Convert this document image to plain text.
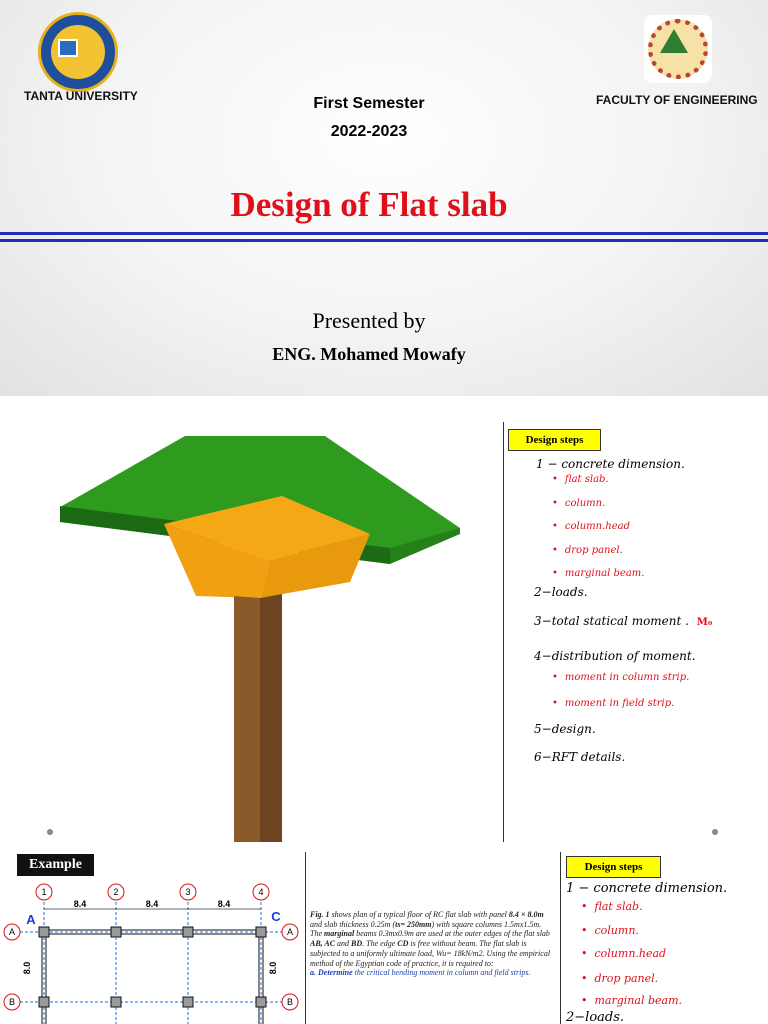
TANTA UNIVERSITY	FACULTY OF ENGINEERING
First Semester
2022-2023
Design of Flat slab
Presented by
ENG. Mohamed Mowafy
Design steps
1 − concrete dimension.
• flat slab.
• column.
• column.head
• drop panel.
• marginal beam.
2−loads.
3−total statical moment . M₀
4−distribution of moment.
• moment in column strip.
• moment in field strip.
5−design.
6−RFT details.
Example
8.4	8.4	8.4
1	2	3	4
A
B
A
B
A	C
8.0	8.0
Fig. 1 shows plan of a typical floor of RC flat slab with panel 8.4 × 8.0m and slab thickness 0.25m (ts= 250mm) with square columns 1.5mx1.5m. The marginal beams 0.3mx0.9m are used at the outer edges of the flat slab AB, AC and BD. The edge CD is free without beam. The flat slab is subjected to a uniformly ultimate load, Wu= 18kN/m2. Using the empirical method of the Egyptian code of practice, it is required to:
a. Determine the critical bending moment in column and field strips.
Design steps
1 − concrete dimension.
• flat slab.
• column.
• column.head
• drop panel.
• marginal beam.
2−loads.
